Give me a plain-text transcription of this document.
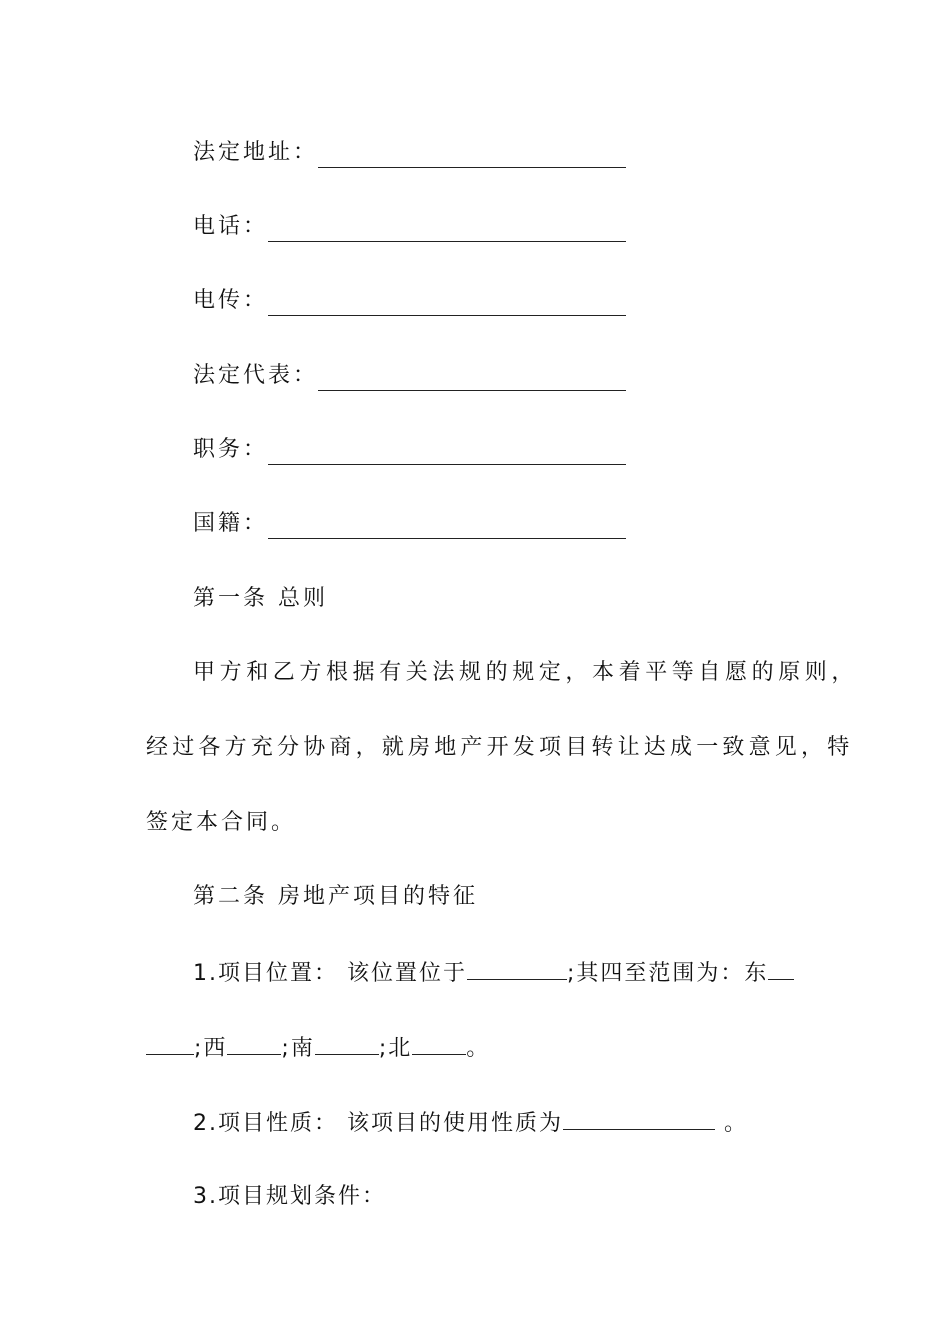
法定地址：
电话：
电传：
法定代表：
职务：
国籍：
第一条 总则
甲方和乙方根据有关法规的规定，本着平等自愿的原则，
经过各方充分协商，就房地产开发项目转让达成一致意见，特
签定本合同。
第二条 房地产项目的特征
1.项目位置： 该位置位于	;其四至范围为：东
;西 ;南	;北 。
2.项目性质： 该项目的使用性质为	。
3.项目规划条件：
